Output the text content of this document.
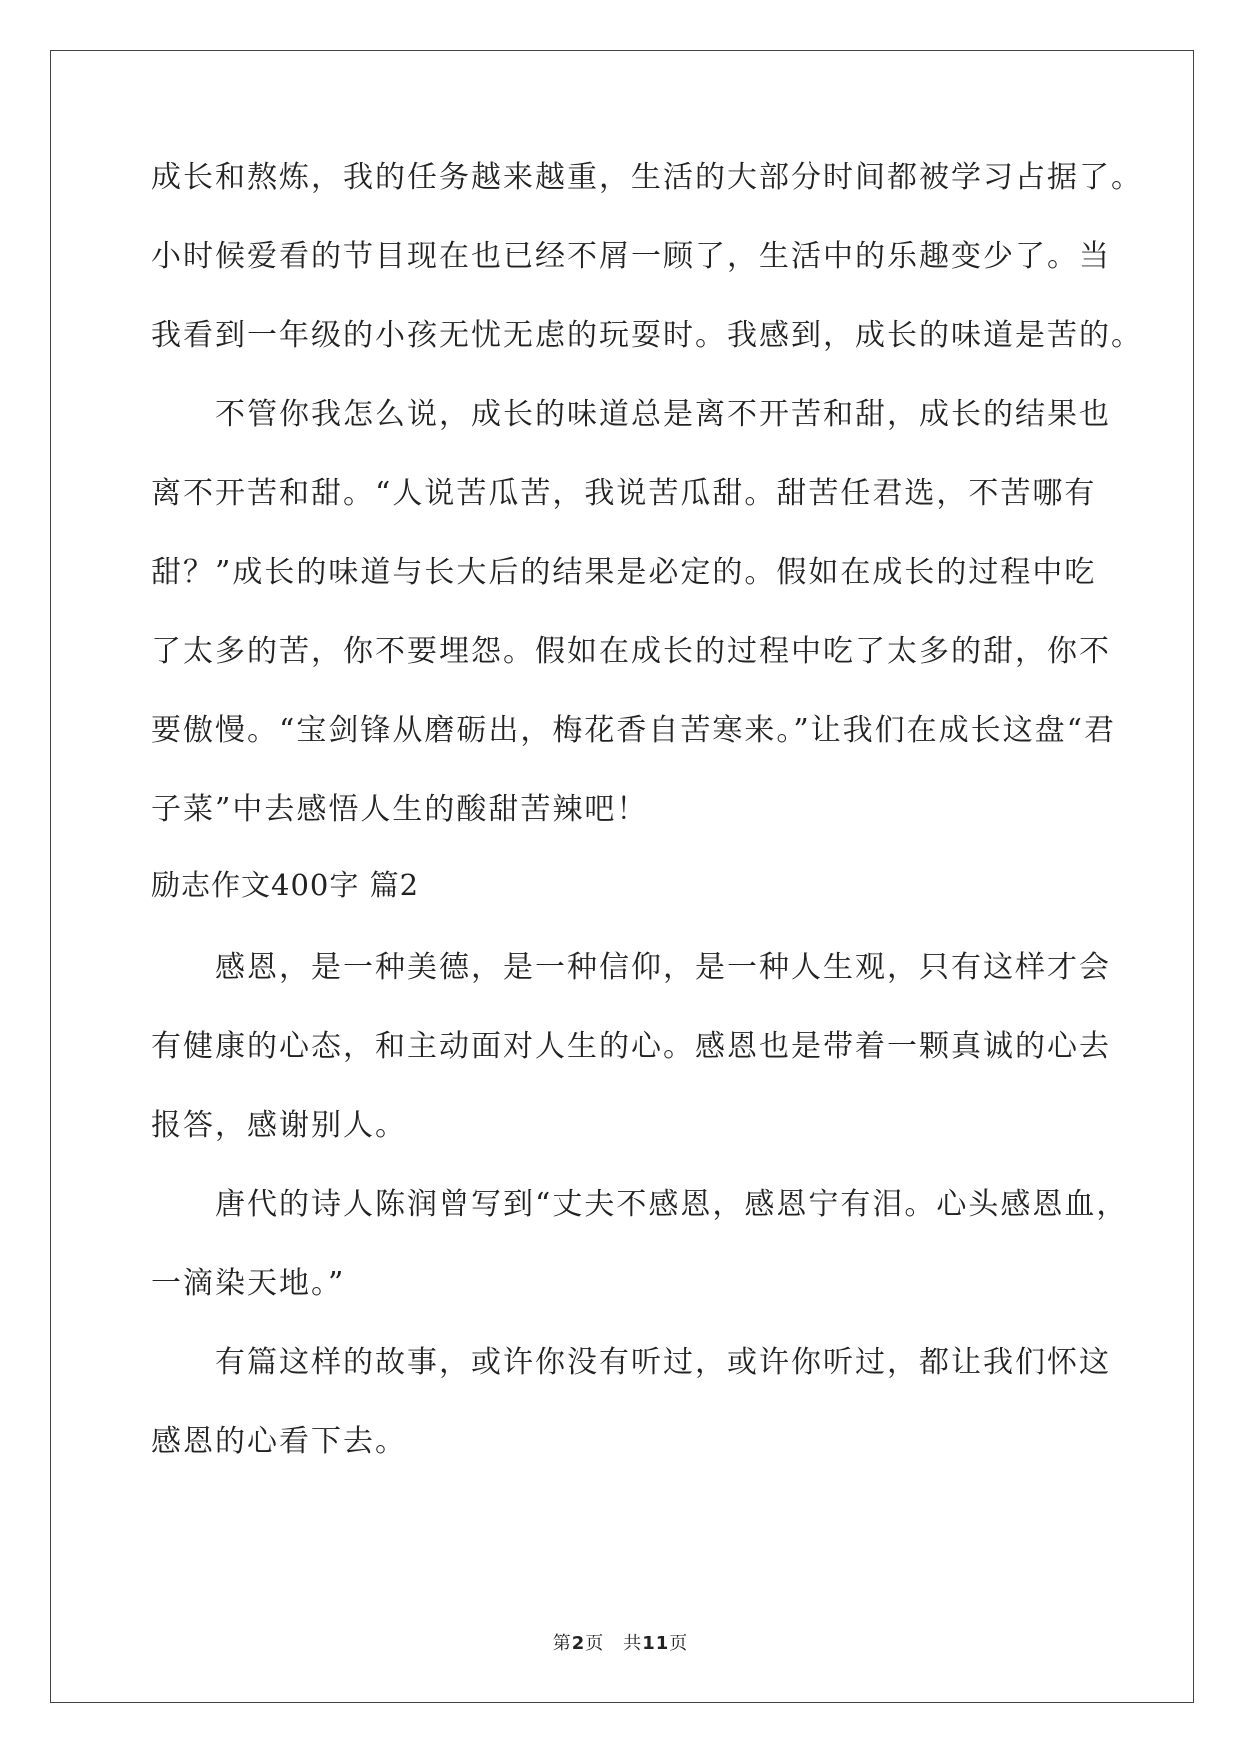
成长和熬炼，我的任务越来越重，生活的大部分时间都被学习占据了。
小时候爱看的节目现在也已经不屑一顾了，生活中的乐趣变少了。当
我看到一年级的小孩无忧无虑的玩耍时。我感到，成长的味道是苦的。
　　不管你我怎么说，成长的味道总是离不开苦和甜，成长的结果也
离不开苦和甜。“人说苦瓜苦，我说苦瓜甜。甜苦任君选，不苦哪有
甜？”成长的味道与长大后的结果是必定的。假如在成长的过程中吃
了太多的苦，你不要埋怨。假如在成长的过程中吃了太多的甜，你不
要傲慢。“宝剑锋从磨砺出，梅花香自苦寒来。”让我们在成长这盘“君
子菜”中去感悟人生的酸甜苦辣吧！
励志作文400字 篇2
　　感恩，是一种美德，是一种信仰，是一种人生观，只有这样才会
有健康的心态，和主动面对人生的心。感恩也是带着一颗真诚的心去
报答，感谢别人。
　　唐代的诗人陈润曾写到“丈夫不感恩，感恩宁有泪。心头感恩血，
一滴染天地。”
　　有篇这样的故事，或许你没有听过，或许你听过，都让我们怀这
感恩的心看下去。
第2页　共11页
